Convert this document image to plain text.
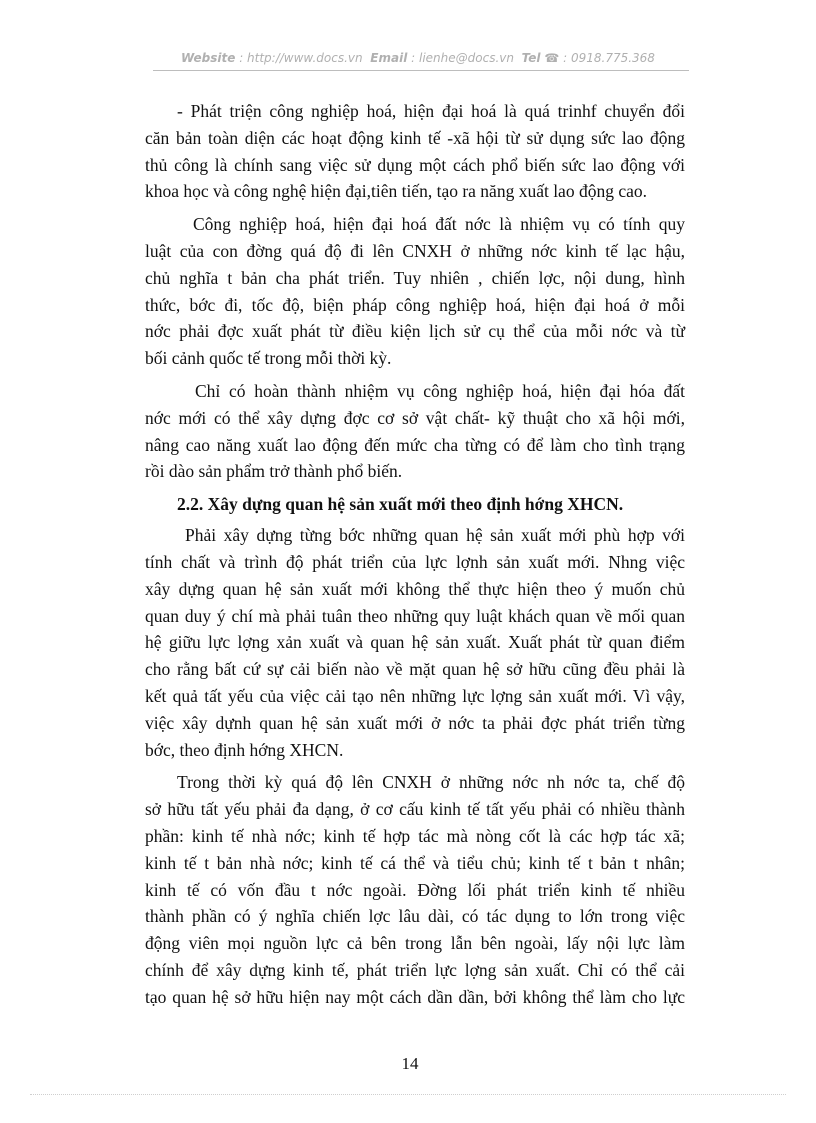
Website : http://www.docs.vn Email : lienhe@docs.vn Tel ☎ : 0918.775.368
- Phát triện công nghiệp hoá, hiện đại hoá là quá trinhf chuyển đổi
căn bản toàn diện các hoạt động kinh tế -xã hội từ sử dụng sức lao động
thủ công là chính sang việc sử dụng một cách phổ biến sức lao động với
khoa học và công nghệ hiện đại,tiên tiến, tạo ra năng xuất lao động cao.
Công nghiệp hoá, hiện đại hoá đất nớc là nhiệm vụ có tính quy
luật của con đờng quá độ đi lên CNXH ở những nớc kinh tế lạc hậu,
chủ nghĩa t bản cha phát triển. Tuy nhiên , chiến lợc, nội dung, hình
thức, bớc đi, tốc độ, biện pháp công nghiệp hoá, hiện đại hoá ở mỗi
nớc phải đợc xuất phát từ điều kiện lịch sử cụ thể của mỗi nớc và từ
bối cảnh quốc tế trong mỗi thời kỳ.
Chỉ có hoàn thành nhiệm vụ công nghiệp hoá, hiện đại hóa đất
nớc mới có thể xây dựng đợc cơ sở vật chất- kỹ thuật cho xã hội mới,
nâng cao năng xuất lao động đến mức cha từng có để làm cho tình trạng
rồi dào sản phẩm trở thành phổ biến.
2.2. Xây dựng quan hệ sản xuất mới theo định hớng XHCN.
Phải xây dựng từng bớc những quan hệ sản xuất mới phù hợp với
tính chất và trình độ phát triển của lực lợnh sản xuất mới. Nhng việc
xây dựng quan hệ sản xuất mới không thể thực hiện theo ý muốn chủ
quan duy ý chí mà phải tuân theo những quy luật khách quan về mối quan
hệ giữu lực lợng xản xuất và quan hệ sản xuất. Xuất phát từ quan điểm
cho rằng bất cứ sự cải biến nào về mặt quan hệ sở hữu cũng đều phải là
kết quả tất yếu của việc cải tạo nên những lực lợng sản xuất mới. Vì vậy,
việc xây dựnh quan hệ sản xuất mới ở nớc ta phải đợc phát triển từng
bớc, theo định hớng XHCN.
Trong thời kỳ quá độ lên CNXH ở những nớc nh nớc ta, chế độ
sở hữu tất yếu phải đa dạng, ở cơ cấu kinh tế tất yếu phải có nhiều thành
phần: kinh tế nhà nớc; kinh tế hợp tác mà nòng cốt là các hợp tác xã;
kinh tế t bản nhà nớc; kinh tế cá thể và tiểu chủ; kinh tế t bản t nhân;
kinh tế có vốn đầu t nớc ngoài. Đờng lối phát triển kinh tế nhiều
thành phần có ý nghĩa chiến lợc lâu dài, có tác dụng to lớn trong việc
động viên mọi nguồn lực cả bên trong lẫn bên ngoài, lấy nội lực làm
chính để xây dựng kinh tế, phát triển lực lợng sản xuất. Chỉ có thể cải
tạo quan hệ sở hữu hiện nay một cách dần dần, bởi không thể làm cho lực
14
